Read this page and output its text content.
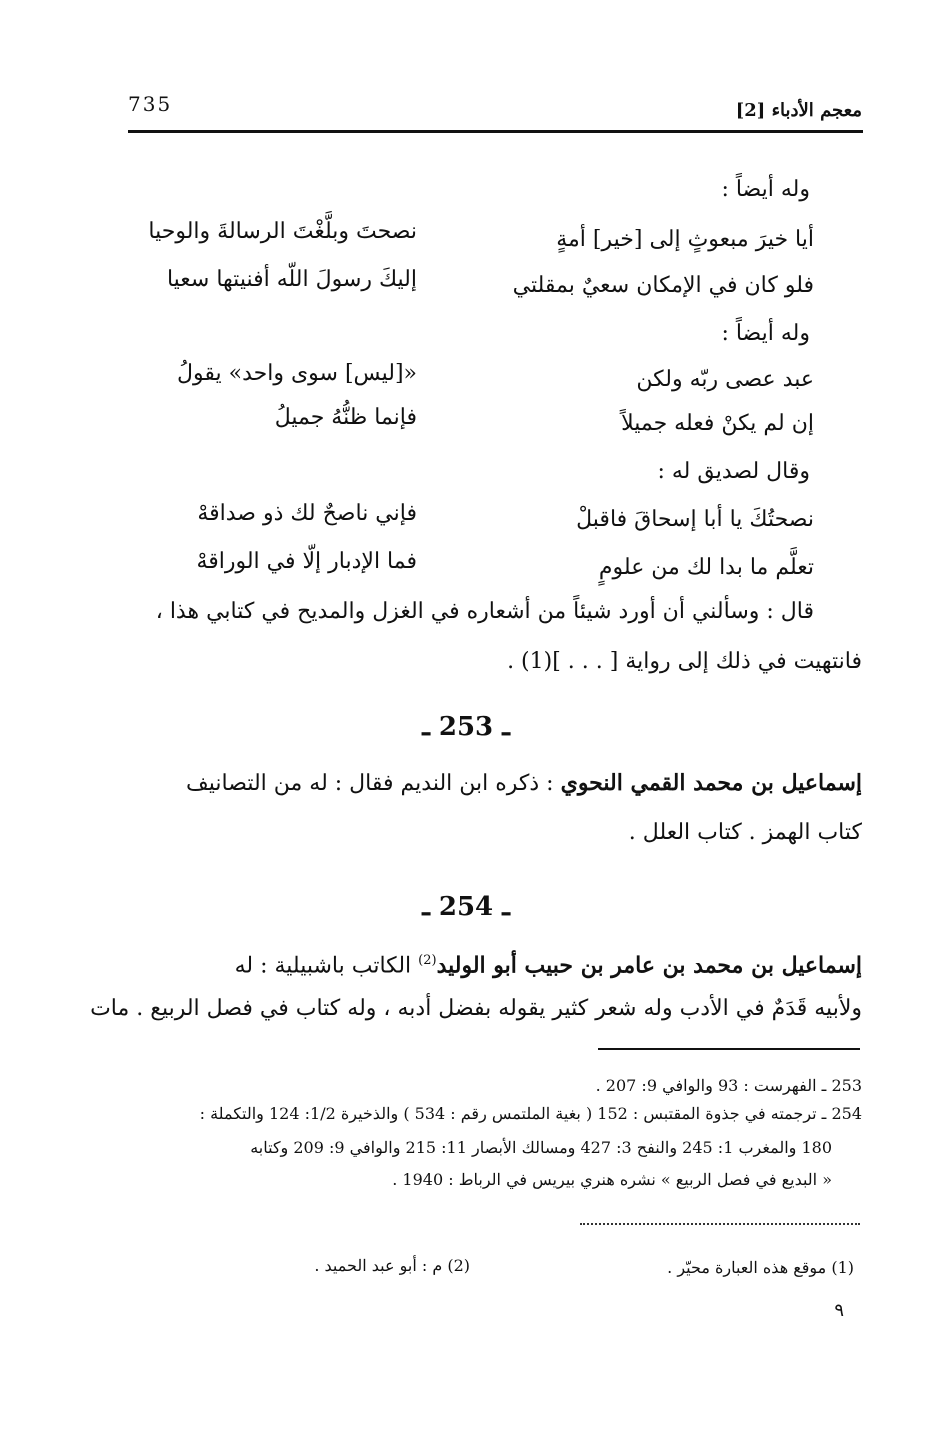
735	معجم الأدباء [2]
وله أيضاً :
أيا خيرَ مبعوثٍ إلى [خير] أمةٍ
نصحتَ وبلَّغْتَ الرسالةَ والوحيا
فلو كان في الإمكان سعيٌ بمقلتي
إليكَ رسولَ اللّه أفنيتها سعيا
وله أيضاً :
عبد عصى ربّه ولكن
«[ليس] سوى واحد» يقولُ
إن لم يكنْ فعله جميلاً
فإنما ظنُّهُ جميلُ
وقال لصديق له :
نصحتُكَ يا أبا إسحاقَ فاقبلْ
فإني ناصحٌ لك ذو صداقهْ
تعلَّم ما بدا لك من علومٍ
فما الإدبار إلّا في الوراقهْ
قال : وسألني أن أورد شيئاً من أشعاره في الغزل والمديح في كتابي هذا ،
فانتهيت في ذلك إلى رواية [ . . . ](1) .
ـ 253 ـ
إسماعيل بن محمد القمي النحوي : ذكره ابن النديم فقال : له من التصانيف
كتاب الهمز . كتاب العلل .
ـ 254 ـ
إسماعيل بن محمد بن عامر بن حبيب أبو الوليد$^{(2)}$ الكاتب باشبيلية : له
ولأبيه قَدَمٌ في الأدب وله شعر كثير يقوله بفضل أدبه ، وله كتاب في فصل الربيع . مات
253 ـ الفهرست : 93 والوافي 9: 207 .
254 ـ ترجمته في جذوة المقتبس : 152 ( بغية الملتمس رقم : 534 ) والذخيرة 1/2: 124 والتكملة :
180 والمغرب 1: 245 والنفح 3: 427 ومسالك الأبصار 11: 215 والوافي 9: 209 وكتابه
« البديع في فصل الربيع » نشره هنري بيريس في الرباط : 1940 .
(1) موقع هذه العبارة محيّر .
(2) م : أبو عبد الحميد .
٩
